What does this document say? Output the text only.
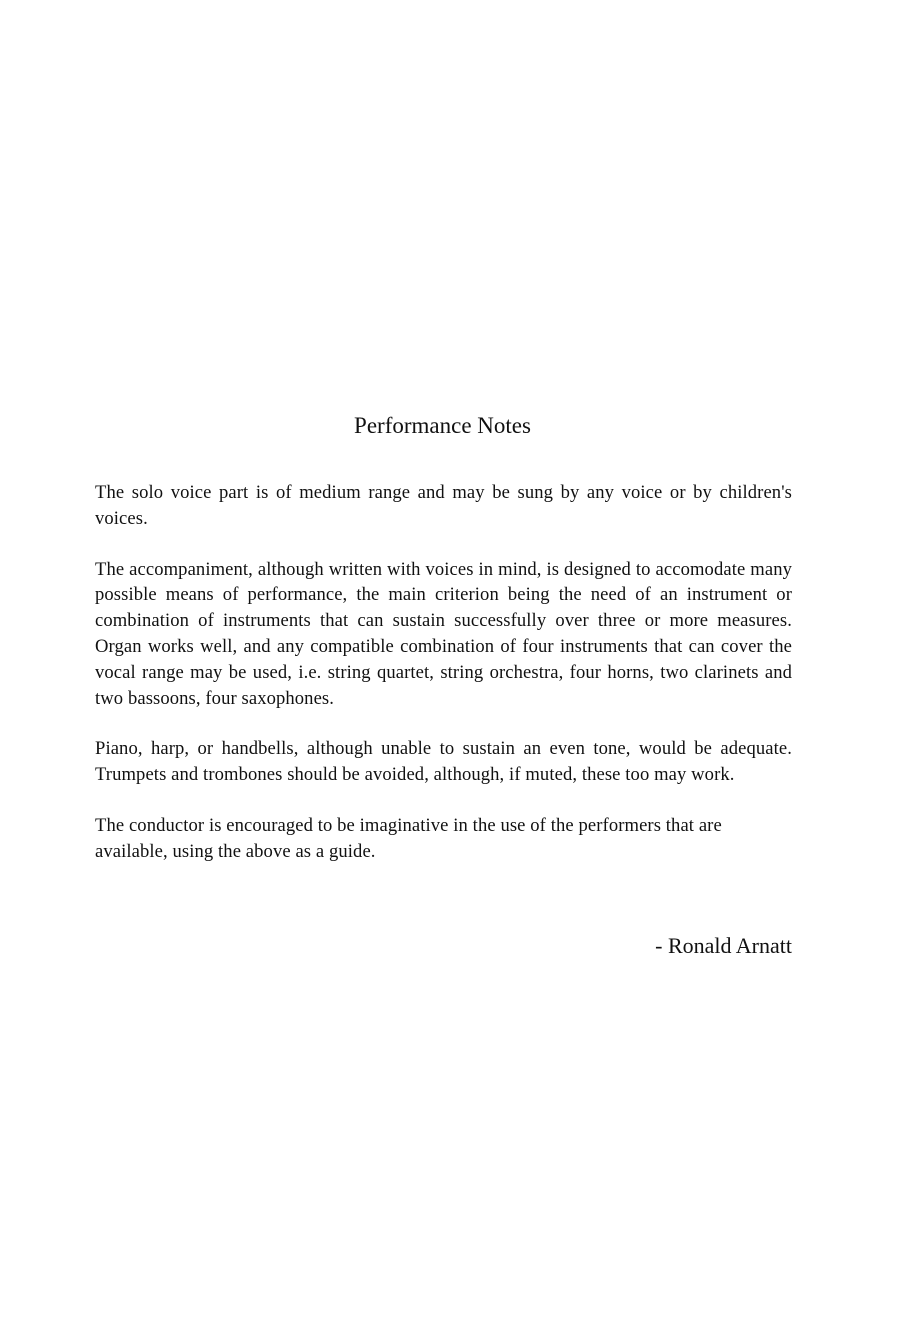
Performance Notes

The solo voice part is of medium range and may be sung by any voice or by children's voices.

The accompaniment, although written with voices in mind, is designed to accomodate many possible means of performance, the main criterion being the need of an instrument or combination of instruments that can sustain successfully over three or more measures. Organ works well, and any compatible combination of four instruments that can cover the vocal range may be used, i.e. string quartet, string orchestra, four horns, two clarinets and two bassoons, four saxophones.

Piano, harp, or handbells, although unable to sustain an even tone, would be adequate. Trumpets and trombones should be avoided, although, if muted, these too may work.

The conductor is encouraged to be imaginative in the use of the performers that are available, using the above as a guide.

- Ronald Arnatt
